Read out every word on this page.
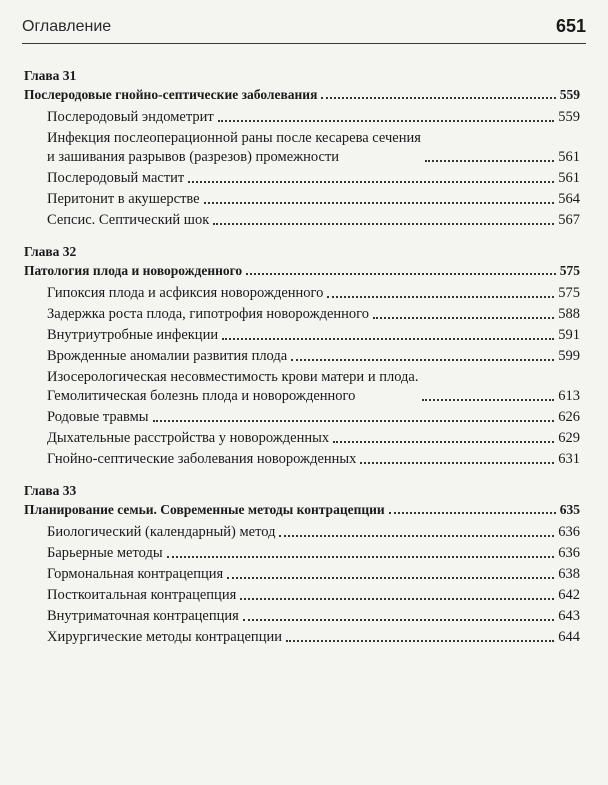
Оглавление	651
Глава 31
Послеродовые гнойно-септические заболевания	559
Послеродовый эндометрит	559
Инфекция послеоперационной раны после кесарева сечения
и зашивания разрывов (разрезов) промежности	561
Послеродовый мастит	561
Перитонит в акушерстве	564
Сепсис. Септический шок	567
Глава 32
Патология плода и новорожденного	575
Гипоксия плода и асфиксия новорожденного	575
Задержка роста плода, гипотрофия новорожденного	588
Внутриутробные инфекции	591
Врожденные аномалии развития плода	599
Изосерологическая несовместимость крови матери и плода.
Гемолитическая болезнь плода и новорожденного	613
Родовые травмы	626
Дыхательные расстройства у новорожденных	629
Гнойно-септические заболевания новорожденных	631
Глава 33
Планирование семьи. Современные методы контрацепции	635
Биологический (календарный) метод	636
Барьерные методы	636
Гормональная контрацепция	638
Посткоитальная контрацепция	642
Внутриматочная контрацепция	643
Хирургические методы контрацепции	644
